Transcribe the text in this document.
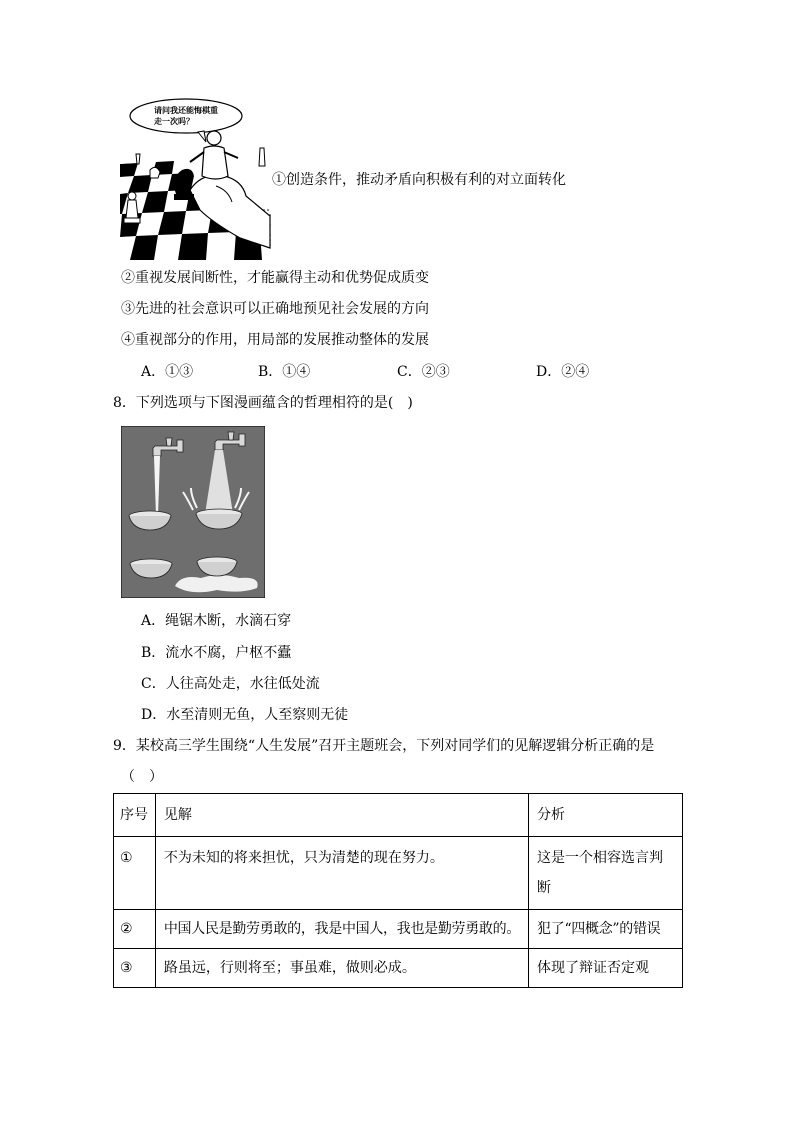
请问我还能悔棋重走一次吗？
①创造条件，推动矛盾向积极有利的对立面转化
②重视发展间断性，才能赢得主动和优势促成质变
③先进的社会意识可以正确地预见社会发展的方向
④重视部分的作用，用局部的发展推动整体的发展
A．①③	B．①④	C．②③	D．②④
8．下列选项与下图漫画蕴含的哲理相符的是(　)
A．绳锯木断，水滴石穿
B．流水不腐，户枢不蠹
C．人往高处走，水往低处流
D．水至清则无鱼，人至察则无徒
9．某校高三学生围绕“人生发展”召开主题班会，下列对同学们的见解逻辑分析正确的是
（　）
序号	见解	分析

①	不为未知的将来担忧，只为清楚的现在努力。	这是一个相容选言判断

②	中国人民是勤劳勇敢的，我是中国人，我也是勤劳勇敢的。	犯了“四概念”的错误

③	路虽远，行则将至；事虽难，做则必成。	体现了辩证否定观
